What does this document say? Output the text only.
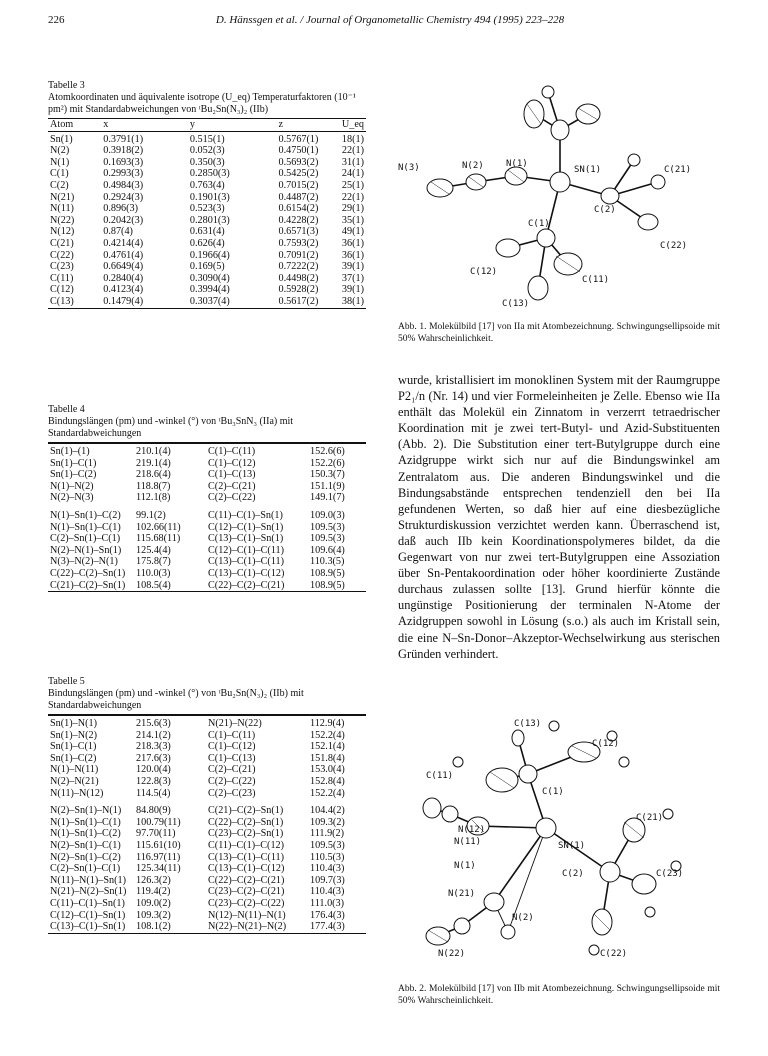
226	D. Hänssgen et al. / Journal of Organometallic Chemistry 494 (1995) 223–228
Tabelle 3
Atomkoordinaten und äquivalente isotrope (U_eq) Temperaturfaktoren (10⁻¹ pm²) mit Standardabweichungen von ᵗBu₂Sn(N₃)₂ (IIb)
Atom	x	y	z	U_eq
Sn(1)	0.3791(1)	0.515(1)	0.5767(1)	18(1)
N(2)	0.3918(2)	0.052(3)	0.4750(1)	22(1)
N(1)	0.1693(3)	0.350(3)	0.5693(2)	31(1)
C(1)	0.2993(3)	0.2850(3)	0.5425(2)	24(1)
C(2)	0.4984(3)	0.763(4)	0.7015(2)	25(1)
N(21)	0.2924(3)	0.1901(3)	0.4487(2)	22(1)
N(11)	0.896(3)	0.523(3)	0.6154(2)	29(1)
N(22)	0.2042(3)	0.2801(3)	0.4228(2)	35(1)
N(12)	0.87(4)	0.631(4)	0.6571(3)	49(1)
C(21)	0.4214(4)	0.626(4)	0.7593(2)	36(1)
C(22)	0.4761(4)	0.1966(4)	0.7091(2)	36(1)
C(23)	0.6649(4)	0.169(5)	0.7222(2)	39(1)
C(11)	0.2840(4)	0.3090(4)	0.4498(2)	37(1)
C(12)	0.4123(4)	0.3994(4)	0.5928(2)	39(1)
C(13)	0.1479(4)	0.3037(4)	0.5617(2)	38(1)
Tabelle 4
Bindungslängen (pm) und -winkel (°) von ᵗBu₃SnN₃ (IIa) mit Standardabweichungen

Sn(1)–(1)	210.1(4)	C(1)–C(11)	152.6(6)
Sn(1)–C(1)	219.1(4)	C(1)–C(12)	152.2(6)
Sn(1)–C(2)	218.6(4)	C(1)–C(13)	150.3(7)
N(1)–N(2)	118.8(7)	C(2)–C(21)	151.1(9)
N(2)–N(3)	112.1(8)	C(2)–C(22)	149.1(7)

N(1)–Sn(1)–C(2)	99.1(2)	C(11)–C(1)–Sn(1)	109.0(3)
N(1)–Sn(1)–C(1)	102.66(11)	C(12)–C(1)–Sn(1)	109.5(3)
C(2)–Sn(1)–C(1)	115.68(11)	C(13)–C(1)–Sn(1)	109.5(3)
N(2)–N(1)–Sn(1)	125.4(4)	C(12)–C(1)–C(11)	109.6(4)
N(3)–N(2)–N(1)	175.8(7)	C(13)–C(1)–C(11)	110.3(5)
C(22)–C(2)–Sn(1)	110.0(3)	C(13)–C(1)–C(12)	108.9(5)
C(21)–C(2)–Sn(1)	108.5(4)	C(22)–C(2)–C(21)	108.9(5)
Tabelle 5
Bindungslängen (pm) und -winkel (°) von ᵗBu₂Sn(N₃)₂ (IIb) mit Standardabweichungen

Sn(1)–N(1)	215.6(3)	N(21)–N(22)	112.9(4)
Sn(1)–N(2)	214.1(2)	C(1)–C(11)	152.2(4)
Sn(1)–C(1)	218.3(3)	C(1)–C(12)	152.1(4)
Sn(1)–C(2)	217.6(3)	C(1)–C(13)	151.8(4)
N(1)–N(11)	120.0(4)	C(2)–C(21)	153.0(4)
N(2)–N(21)	122.8(3)	C(2)–C(22)	152.8(4)
N(11)–N(12)	114.5(4)	C(2)–C(23)	152.2(4)

N(2)–Sn(1)–N(1)	84.80(9)	C(21)–C(2)–Sn(1)	104.4(2)
N(1)–Sn(1)–C(1)	100.79(11)	C(22)–C(2)–Sn(1)	109.3(2)
N(1)–Sn(1)–C(2)	97.70(11)	C(23)–C(2)–Sn(1)	111.9(2)
N(2)–Sn(1)–C(1)	115.61(10)	C(11)–C(1)–C(12)	109.5(3)
N(2)–Sn(1)–C(2)	116.97(11)	C(13)–C(1)–C(11)	110.5(3)
C(2)–Sn(1)–C(1)	125.34(11)	C(13)–C(1)–C(12)	110.4(3)
N(11)–N(1)–Sn(1)	126.3(2)	C(22)–C(2)–C(21)	109.7(3)
N(21)–N(2)–Sn(1)	119.4(2)	C(23)–C(2)–C(21)	110.4(3)
C(11)–C(1)–Sn(1)	109.0(2)	C(23)–C(2)–C(22)	111.0(3)
C(12)–C(1)–Sn(1)	109.3(2)	N(12)–N(11)–N(1)	176.4(3)
C(13)–C(1)–Sn(1)	108.1(2)	N(22)–N(21)–N(2)	177.4(3)
N(3)	N(2) N(1)
SN(1)	C(21)
C(2)
C(1)
C(12)
C(22)
C(11)
C(13)
Abb. 1. Molekülbild [17] von IIa mit Atombezeichnung. Schwingungsellipsoide mit 50% Wahrscheinlichkeit.

wurde, kristallisiert im monoklinen System mit der Raumgruppe P2₁/n (Nr. 14) und vier Formeleinheiten je Zelle. Ebenso wie IIa enthält das Molekül ein Zinnatom in verzerrt tetraedrischer Koordination mit je zwei tert-Butyl- und Azid-Substituenten (Abb. 2). Die Substitution einer tert-Butylgruppe durch eine Azidgruppe wirkt sich nur auf die Bindungswinkel am Zentralatom aus. Die anderen Bindungswinkel und die Bindungsabstände entsprechen tendenziell den bei IIa gefundenen Werten, so daß hier auf eine diesbezügliche Strukturdiskussion verzichtet werden kann. Überraschend ist, daß auch IIb kein Koordinationspolymeres bildet, da die Gegenwart von nur zwei tert-Butylgruppen eine Assoziation über Sn-Pentakoordination oder höher koordinierte Zustände durchaus zulassen sollte [13]. Grund hierfür könnte die ungünstige Positionierung der terminalen N-Atome der Azidgruppen sowohl in Lösung (s.o.) als auch im Kristall sein, die eine N–Sn-Donor–Akzeptor-Wechselwirkung aus sterischen Gründen verhindert.

C(13)
C(12)
C(11)
C(1)
N(12)
N(11)	SN(1)
C(21)
N(1)
C(23)
C(2)
N(21)
N(2)
N(22)	C(22)
Abb. 2. Molekülbild [17] von IIb mit Atombezeichnung. Schwingungsellipsoide mit 50% Wahrscheinlichkeit.
